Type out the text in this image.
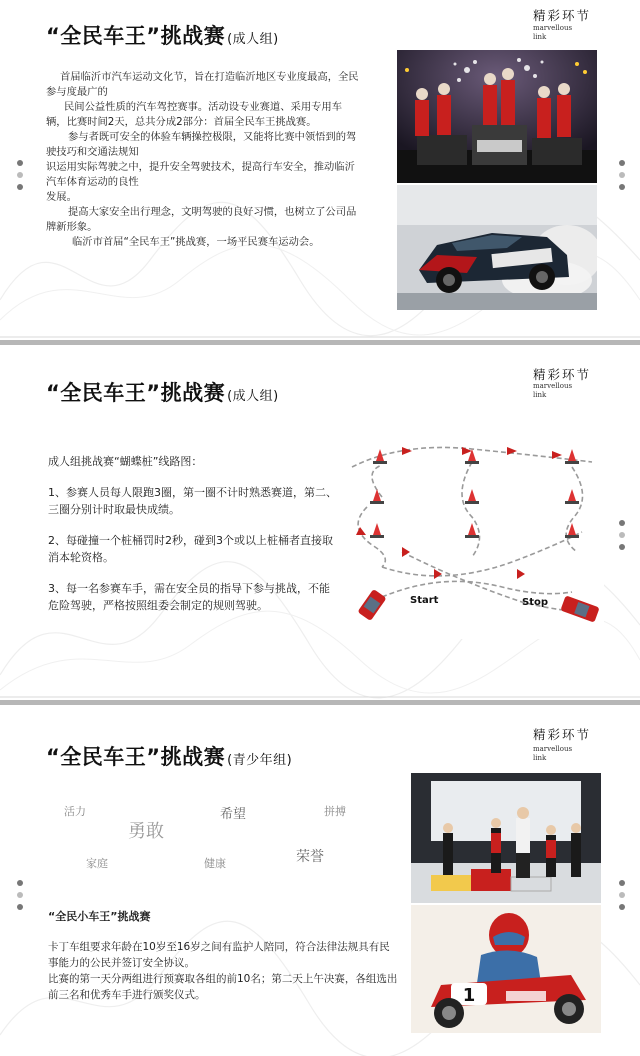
“全民车王”挑战赛 (成人组)
精彩环节
marvellous
link
首届临沂市汽车运动文化节，旨在打造临沂地区专业度最高，全民
参与度最广的
民间公益性质的汽车驾控赛事。活动设专业赛道、采用专用车
辆，比赛时间2天，总共分成2部分：首届全民车王挑战赛。
参与者既可安全的体验车辆操控极限，又能将比赛中领悟到的驾
驶技巧和交通法规知
识运用实际驾驶之中，提升安全驾驶技术，提高行车安全，推动临沂
汽车体育运动的良性
发展。
提高大家安全出行理念，文明驾驶的良好习惯，也树立了公司品
牌新形象。
临沂市首届“全民车王”挑战赛，一场平民赛车运动会。
“全民车王”挑战赛 (成人组)
精彩环节
marvellous
link
成人组挑战赛“蝴蝶桩”线路图：
1、参赛人员每人限跑3圈，第一圈不计时熟悉赛道，第二、三圈分别计时取最快成绩。
2、每碰撞一个桩桶罚时2秒，碰到3个或以上桩桶者直接取消本轮资格。
3、每一名参赛车手，需在安全员的指导下参与挑战，不能危险驾驶，严格按照组委会制定的规则驾驶。	Start	Stop
“全民车王”挑战赛 (青少年组)
精彩环节
marvellous
link
活力
勇敢
希望	拼搏
家庭	健康	荣誉
“全民小车王”挑战赛
卡丁车组要求年龄在10岁至16岁之间有监护人陪同，符合法律法规具有民事能力的公民并签订安全协议。
比赛的第一天分两组进行预赛取各组的前10名；第二天上午决赛，各组选出前三名和优秀车手进行颁奖仪式。	1
